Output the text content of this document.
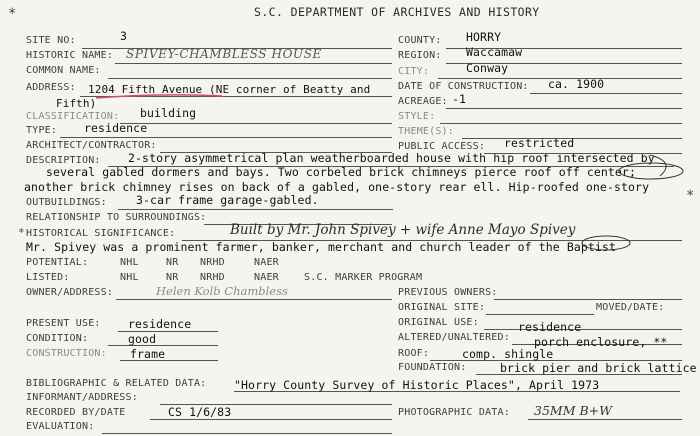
*
*
*
S.C. DEPARTMENT OF ARCHIVES AND HISTORY
SITE NO:	3
HISTORIC NAME: SPIVEY-CHAMBLESS HOUSE
COMMON NAME:
ADDRESS: 1204 Fifth Avenue (NE corner of Beatty and
Fifth)
CLASSIFICATION: building
TYPE: residence
ARCHITECT/CONTRACTOR:
DESCRIPTION: 2-story asymmetrical plan weatherboarded house with hip roof intersected by
several gabled dormers and bays. Two corbeled brick chimneys pierce roof off center;
another brick chimney rises on back of a gabled, one-story rear ell. Hip-roofed one-story
OUTBUILDINGS:	3-car frame garage-gabled.
RELATIONSHIP TO SURROUNDINGS:
HISTORICAL SIGNIFICANCE:	Built by Mr. John Spivey + wife Anne Mayo Spivey
Mr. Spivey was a prominent farmer, banker, merchant and church leader of the Baptist
POTENTIAL:	NHL	NR NRHD	NAER
LISTED:	NHL	NR NRHD	NAER	S.C. MARKER PROGRAM
OWNER/ADDRESS:	Helen Kolb Chambless
PRESENT USE: residence
CONDITION:	good
CONSTRUCTION: frame
BIBLIOGRAPHIC & RELATED DATA: "Horry County Survey of Historic Places", April 1973
INFORMANT/ADDRESS:
RECORDED BY/DATE	CS 1/6/83
EVALUATION:
COUNTY: HORRY
REGION: Waccamaw
CITY:	Conway
DATE OF CONSTRUCTION: ca. 1900
ACREAGE: -1
STYLE:
THEME(S):
PUBLIC ACCESS: restricted
PREVIOUS OWNERS:
ORIGINAL SITE:	MOVED/DATE:
ORIGINAL USE:	residence
ALTERED/UNALTERED: porch enclosure, **
ROOF:	comp. shingle
FOUNDATION:	brick pier and brick lattice
PHOTOGRAPHIC DATA: 35MM B+W
